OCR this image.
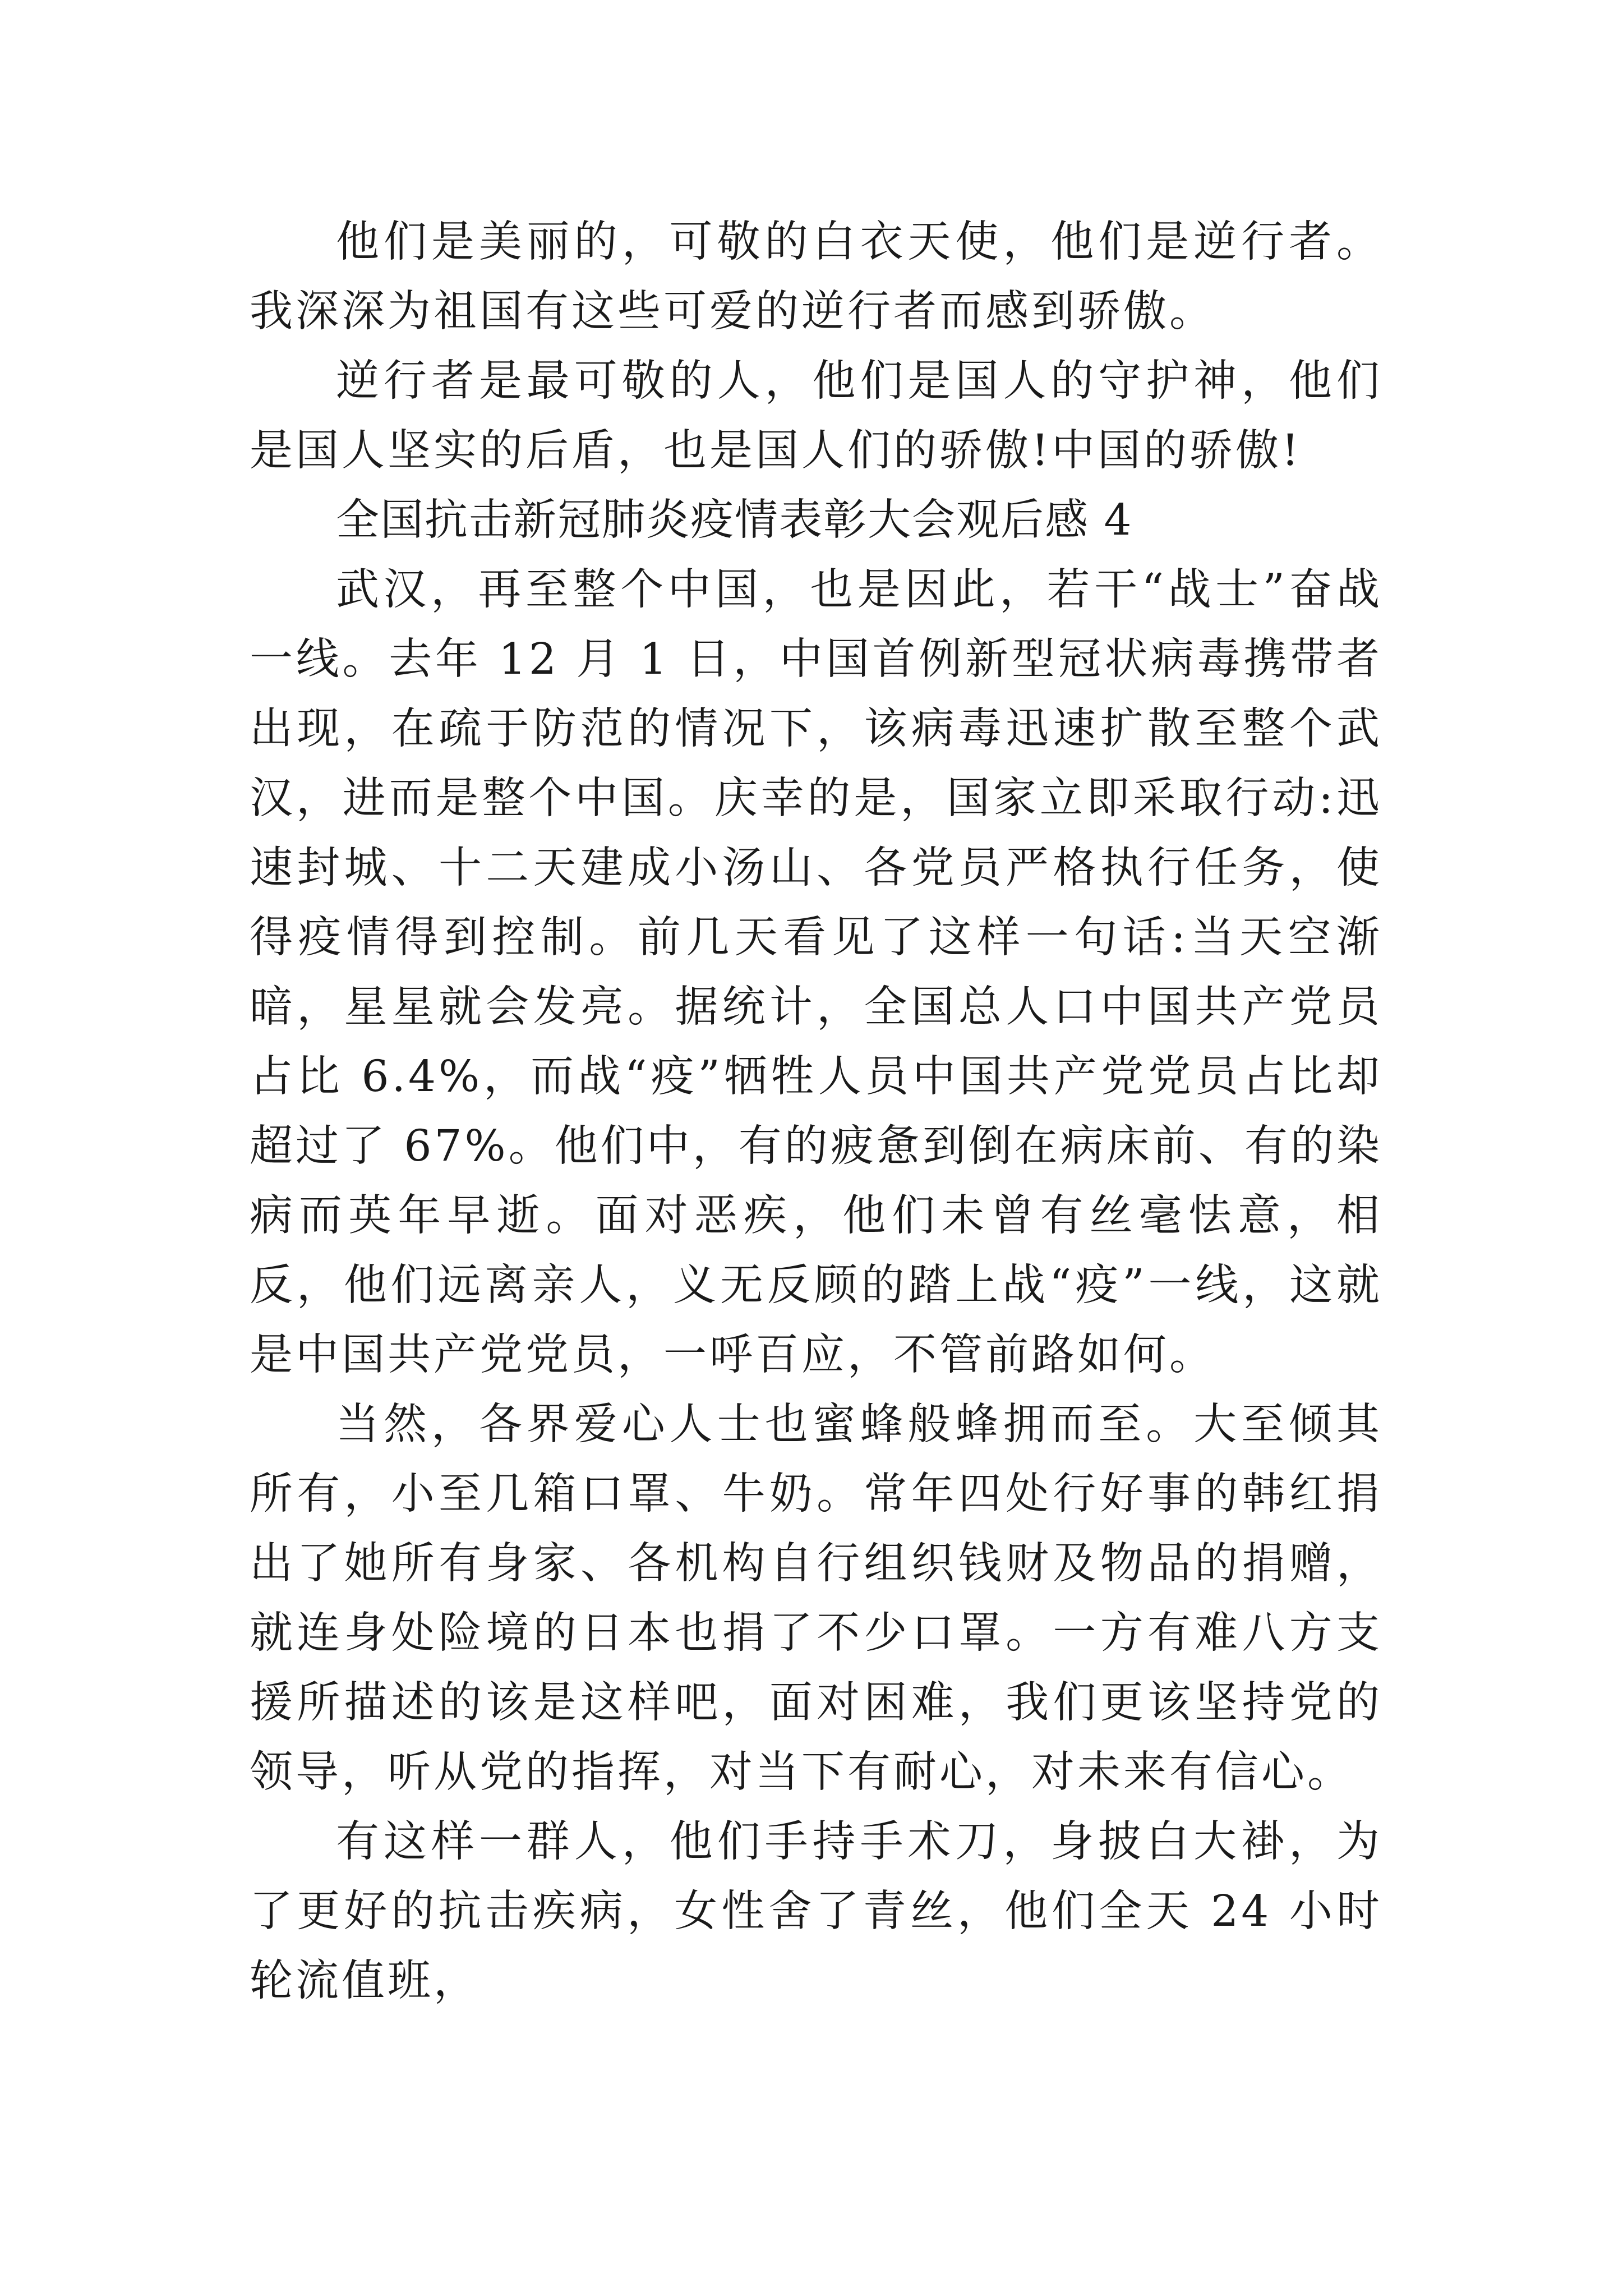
他们是美丽的，可敬的白衣天使，他们是逆行者。我深深为祖国有这些可爱的逆行者而感到骄傲。

逆行者是最可敬的人，他们是国人的守护神，他们是国人坚实的后盾，也是国人们的骄傲!中国的骄傲!

全国抗击新冠肺炎疫情表彰大会观后感 4

武汉，再至整个中国，也是因此，若干“战士”奋战一线。去年 12 月 1 日，中国首例新型冠状病毒携带者出现，在疏于防范的情况下，该病毒迅速扩散至整个武汉，进而是整个中国。庆幸的是，国家立即采取行动:迅速封城、十二天建成小汤山、各党员严格执行任务，使得疫情得到控制。前几天看见了这样一句话:当天空渐暗，星星就会发亮。据统计，全国总人口中国共产党员占比 6.4%，而战“疫”牺牲人员中国共产党党员占比却超过了 67%。他们中，有的疲惫到倒在病床前、有的染病而英年早逝。面对恶疾，他们未曾有丝毫怯意，相反，他们远离亲人，义无反顾的踏上战“疫”一线，这就是中国共产党党员，一呼百应，不管前路如何。

当然，各界爱心人士也蜜蜂般蜂拥而至。大至倾其所有，小至几箱口罩、牛奶。常年四处行好事的韩红捐出了她所有身家、各机构自行组织钱财及物品的捐赠，就连身处险境的日本也捐了不少口罩。一方有难八方支援所描述的该是这样吧，面对困难，我们更该坚持党的领导，听从党的指挥，对当下有耐心，对未来有信心。

有这样一群人，他们手持手术刀，身披白大褂，为了更好的抗击疾病，女性舍了青丝，他们全天 24 小时轮流值班，
